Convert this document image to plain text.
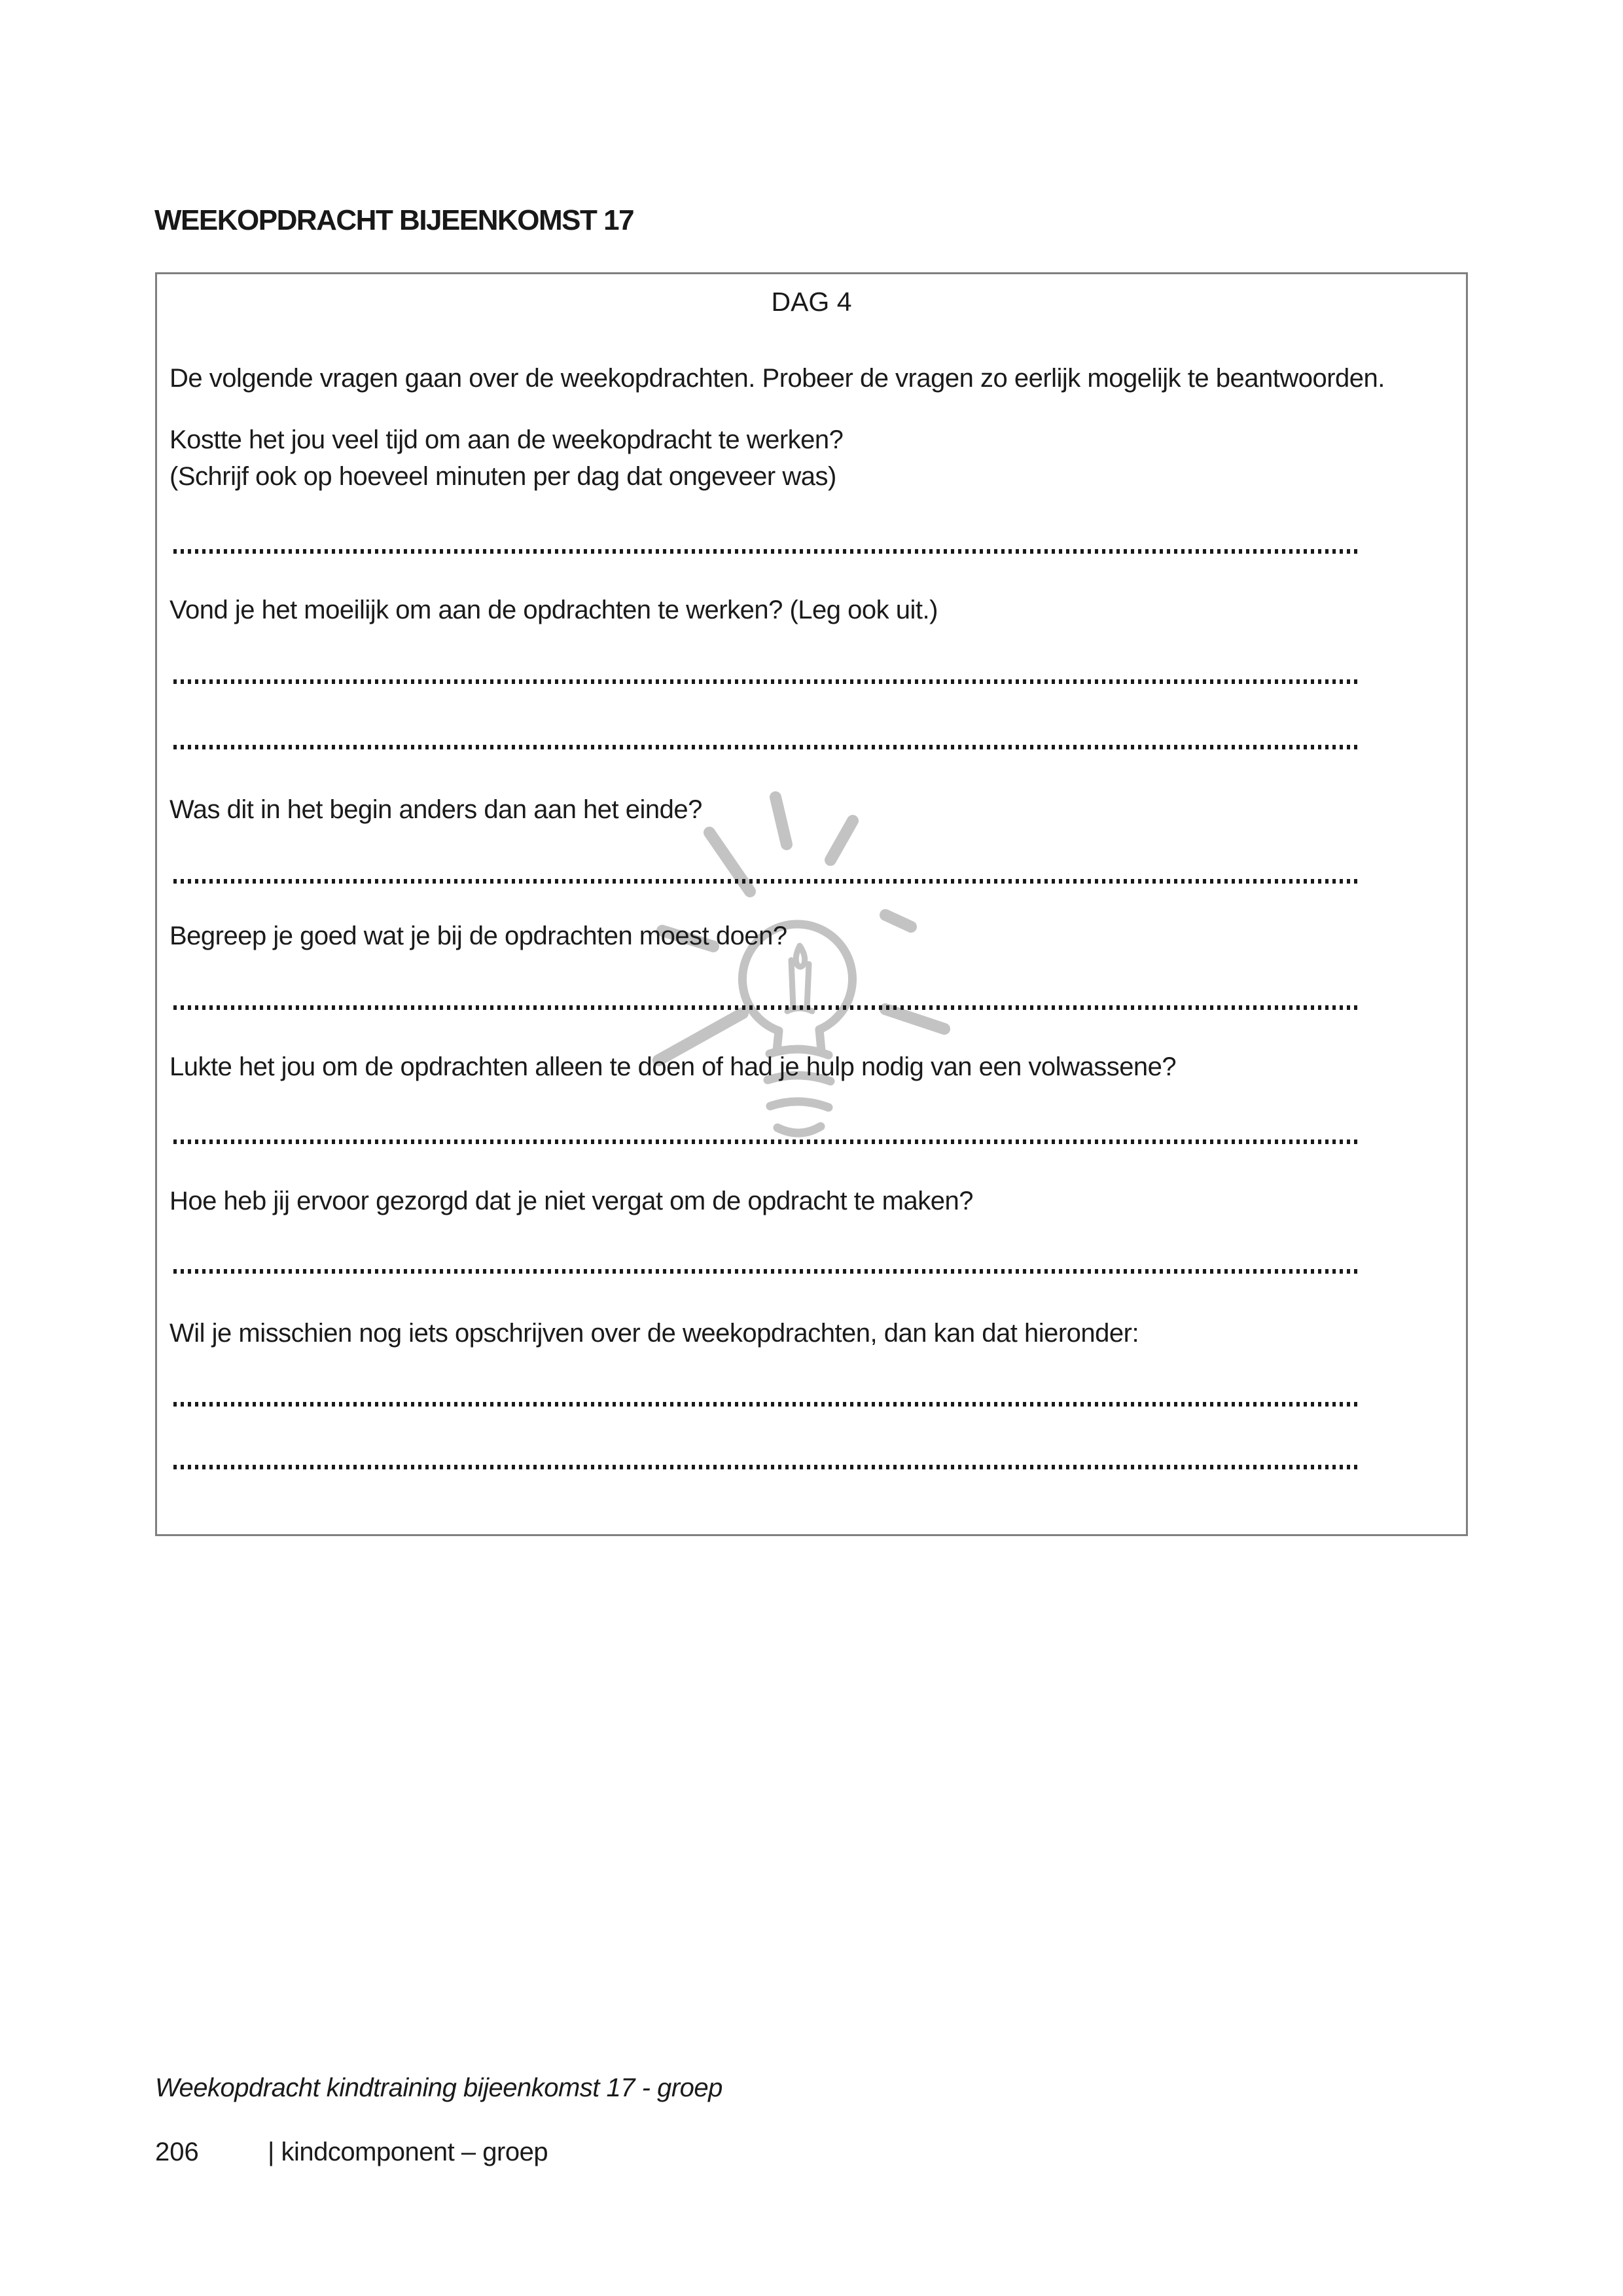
WEEKOPDRACHT BIJEENKOMST 17
DAG 4
De volgende vragen gaan over de weekopdrachten. Probeer de vragen zo eerlijk mogelijk te beantwoorden.
Kostte het jou veel tijd om aan de weekopdracht te werken?
(Schrijf ook op hoeveel minuten per dag dat ongeveer was)
Vond je het moeilijk om aan de opdrachten te werken? (Leg ook uit.)
Was dit in het begin anders dan aan het einde?
Begreep je goed wat je bij de opdrachten moest doen?
Lukte het jou om de opdrachten alleen te doen of had je hulp nodig van een volwassene?
Hoe heb jij ervoor gezorgd dat je niet vergat om de opdracht te maken?
Wil je misschien nog iets opschrijven over de weekopdrachten, dan kan dat hieronder:
Weekopdracht kindtraining bijeenkomst 17 - groep
206	| kindcomponent – groep
